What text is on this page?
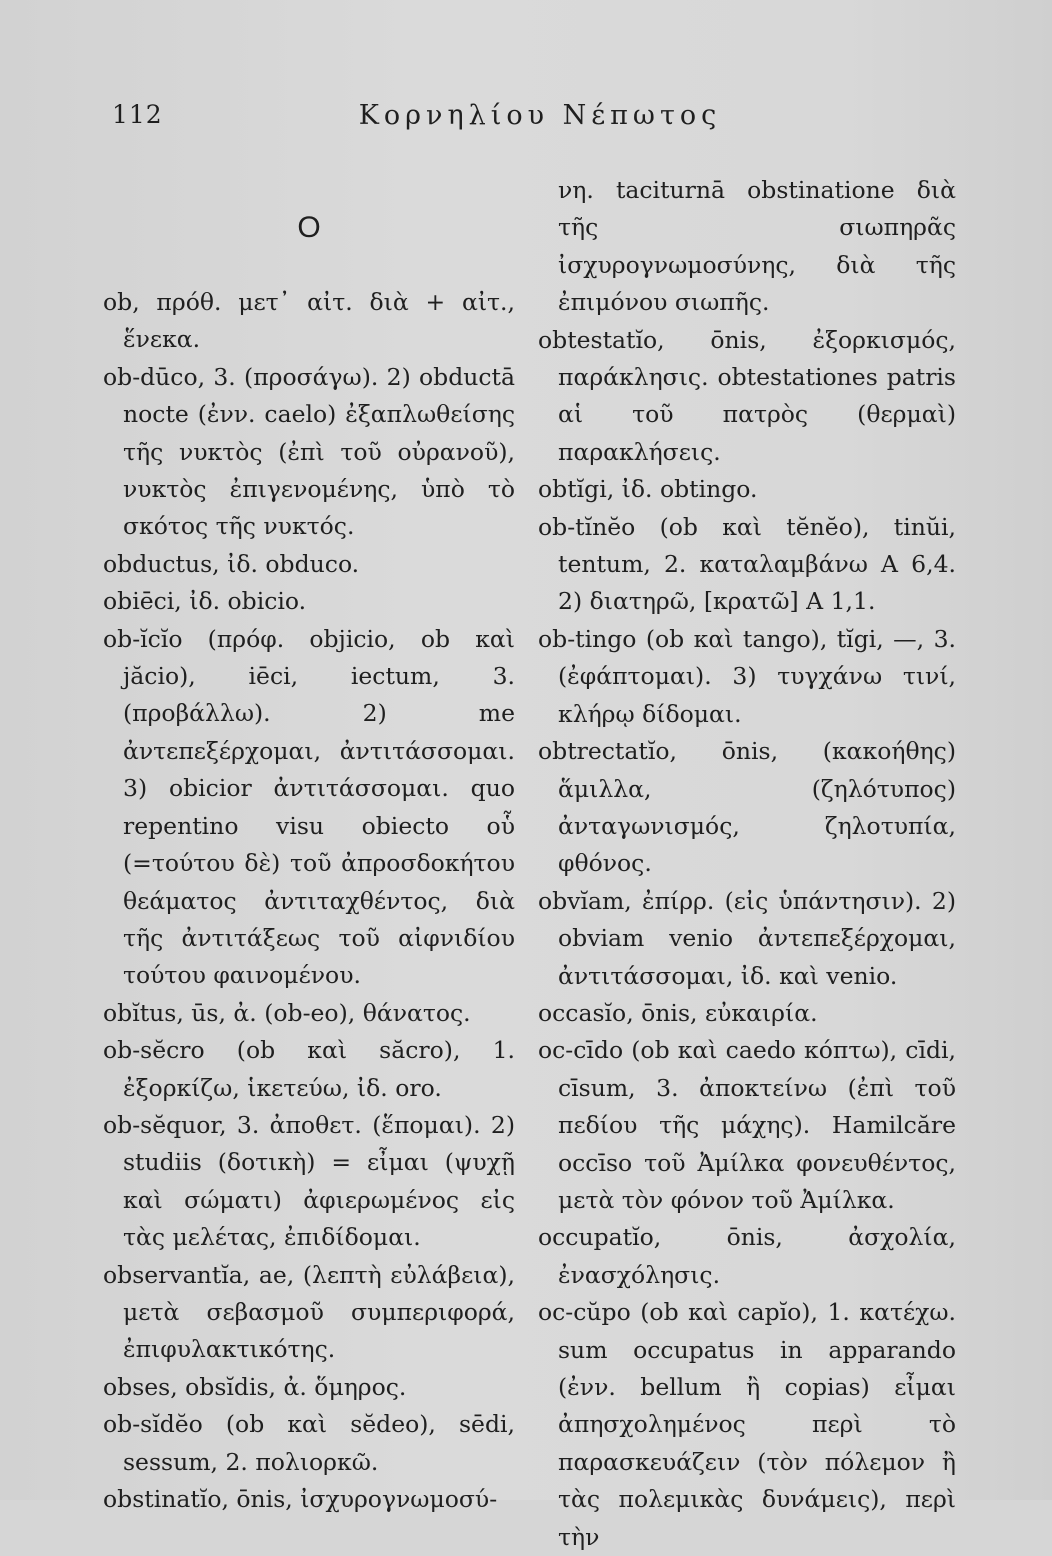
112	Κορνηλίου Νέπωτος
O
ob, πρόθ. μετ᾽ αἰτ. διὰ + αἰτ., ἕνεκα.
ob-dūco, 3. (προσάγω). 2) obductā nocte (ἐνν. caelo) ἐξαπλωθείσης τῆς νυκτὸς (ἐπὶ τοῦ οὐρανοῦ), νυκτὸς ἐπιγενομένης, ὑπὸ τὸ σκότος τῆς νυκτός.
obductus, ἰδ. obduco.
obiēci, ἰδ. obicio.
ob-ĭcĭo (πρόφ. objicio, ob καὶ jăcio), iēci, iectum, 3. (προβάλλω). 2) me ἀντεπεξέρχομαι, ἀντιτάσσομαι. 3) obicior ἀντιτάσσομαι. quo repentino visu obiecto οὗ (=τούτου δὲ) τοῦ ἀπροσδοκήτου θεάματος ἀντιταχθέντος, διὰ τῆς ἀντιτάξεως τοῦ αἰφνιδίου τούτου φαινομένου.
obĭtus, ūs, ἀ. (ob-eo), θάνατος.
ob-sĕcro (ob καὶ săcro), 1. ἐξορκίζω, ἱκετεύω, ἰδ. oro.
ob-sĕquor, 3. ἀποθετ. (ἕπομαι). 2) studiis (δοτικὴ) = εἶμαι (ψυχῇ καὶ σώματι) ἀφιερωμένος εἰς τὰς μελέτας, ἐπιδίδομαι.
observantĭa, ae, (λεπτὴ εὐλάβεια), μετὰ σεβασμοῦ συμπεριφορά, ἐπιφυλακτικότης.
obses, obsĭdis, ἀ. ὅμηρος.
ob-sĭdĕo (ob καὶ sĕdeo), sēdi, sessum, 2. πολιορκῶ.
obstinatĭo, ōnis, ἰσχυρογνωμοσύ-
νη. taciturnā obstinatione διὰ τῆς σιωπηρᾶς ἰσχυρογνωμοσύνης, διὰ τῆς ἐπιμόνου σιωπῆς.
obtestatĭo, ōnis, ἐξορκισμός, παράκλησις. obtestationes patris αἱ τοῦ πατρὸς (θερμαὶ) παρακλήσεις.
obtĭgi, ἰδ. obtingo.
ob-tĭnĕo (ob καὶ tĕnĕo), tinŭi, tentum, 2. καταλαμβάνω Α 6,4. 2) διατηρῶ, [κρατῶ] Α 1,1.
ob-tingo (ob καὶ tango), tĭgi, —, 3. (ἐφάπτομαι). 3) τυγχάνω τινί, κλήρῳ δίδομαι.
obtrectatĭo, ōnis, (κακοήθης) ἅμιλλα, (ζηλότυπος) ἀνταγωνισμός, ζηλοτυπία, φθόνος.
obvĭam, ἐπίρρ. (εἰς ὑπάντησιν). 2) obviam venio ἀντεπεξέρχομαι, ἀντιτάσσομαι, ἰδ. καὶ venio.
occasĭo, ōnis, εὐκαιρία.
oc-cīdo (ob καὶ caedo κόπτω), cīdi, cīsum, 3. ἀποκτείνω (ἐπὶ τοῦ πεδίου τῆς μάχης). Hamilcăre occīso τοῦ Ἀμίλκα φονευθέντος, μετὰ τὸν φόνον τοῦ Ἀμίλκα.
occupatĭo, ōnis, ἀσχολία, ἐνασχόλησις.
oc-cŭpo (ob καὶ capĭo), 1. κατέχω. sum occupatus in apparando (ἐνν. bellum ἢ copias) εἶμαι ἀπησχολημένος περὶ τὸ παρασκευάζειν (τὸν πόλεμον ἢ τὰς πολεμικὰς δυνάμεις), περὶ τὴν
